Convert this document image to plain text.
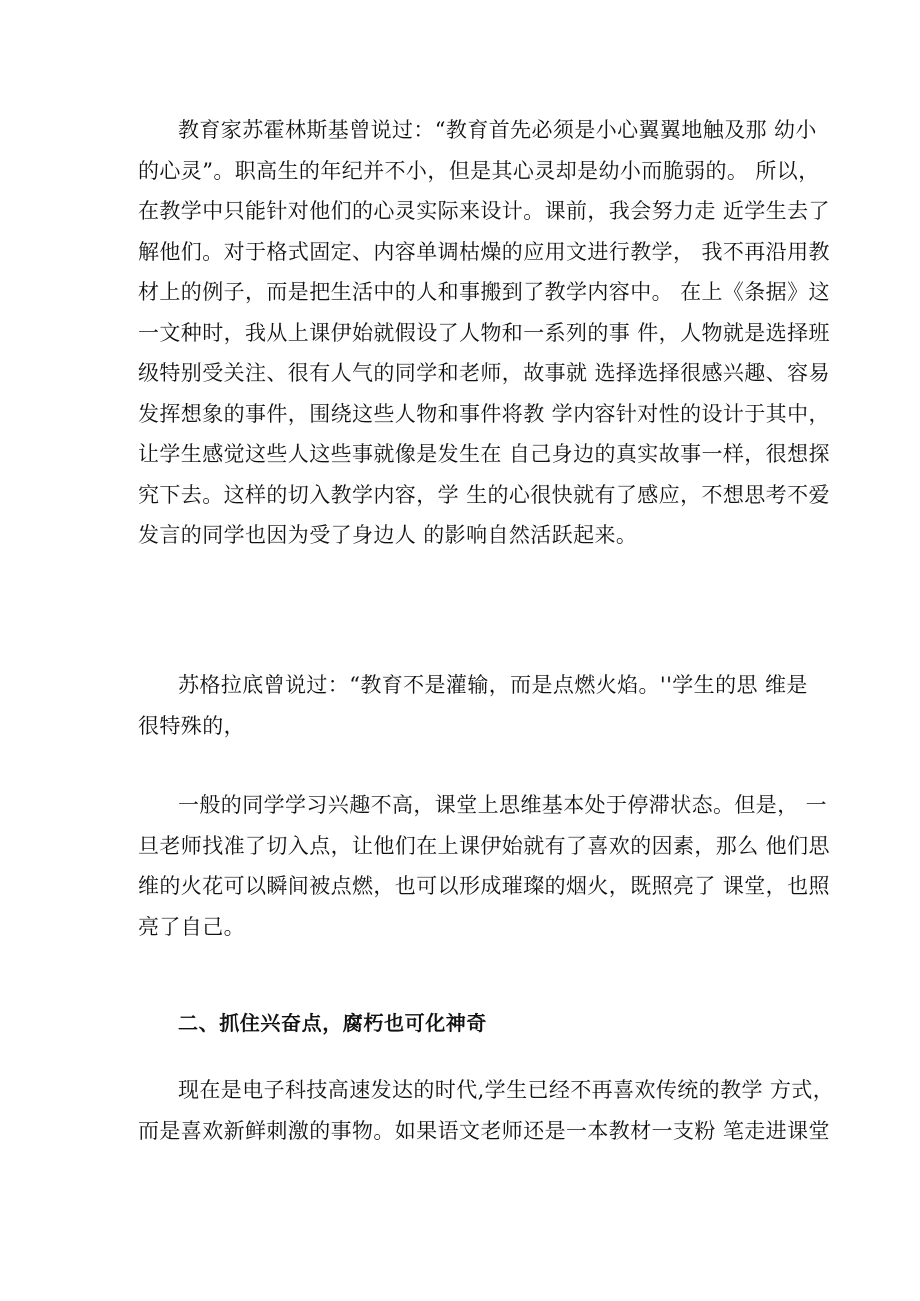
教育家苏霍林斯基曾说过：“教育首先必须是小心翼翼地触及那 幼小
的心灵”。职高生的年纪并不小，但是其心灵却是幼小而脆弱的。 所以，
在教学中只能针对他们的心灵实际来设计。课前，我会努力走 近学生去了
解他们。对于格式固定、内容单调枯燥的应用文进行教学， 我不再沿用教
材上的例子，而是把生活中的人和事搬到了教学内容中。 在上《条据》这
一文种时，我从上课伊始就假设了人物和一系列的事 件，人物就是选择班
级特别受关注、很有人气的同学和老师，故事就 选择选择很感兴趣、容易
发挥想象的事件，围绕这些人物和事件将教 学内容针对性的设计于其中，
让学生感觉这些人这些事就像是发生在 自己身边的真实故事一样，很想探
究下去。这样的切入教学内容，学 生的心很快就有了感应，不想思考不爱
发言的同学也因为受了身边人 的影响自然活跃起来。

苏格拉底曾说过：“教育不是灌输，而是点燃火焰。''学生的思 维是
很特殊的，

一般的同学学习兴趣不高，课堂上思维基本处于停滞状态。但是， 一
旦老师找准了切入点，让他们在上课伊始就有了喜欢的因素，那么 他们思
维的火花可以瞬间被点燃，也可以形成璀璨的烟火，既照亮了 课堂，也照
亮了自己。

二、抓住兴奋点，腐朽也可化神奇

现在是电子科技高速发达的时代,学生已经不再喜欢传统的教学 方式，
而是喜欢新鲜刺激的事物。如果语文老师还是一本教材一支粉 笔走进课堂
